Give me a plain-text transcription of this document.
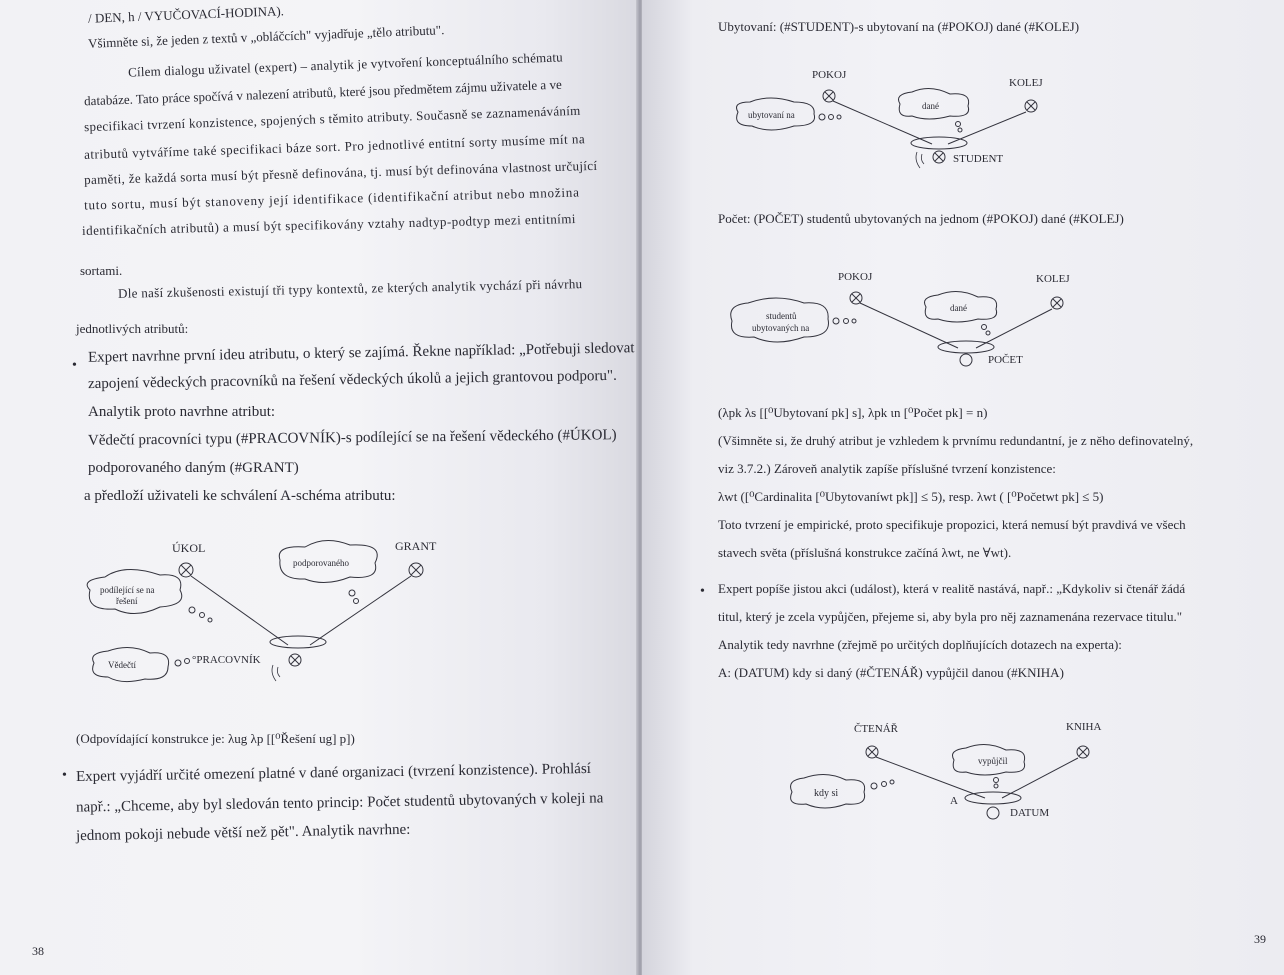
/ DEN, h / VYUČOVACÍ-HODINA).
Všimněte si, že jeden z textů v „obláčcích" vyjadřuje „tělo atributu".
Cílem dialogu uživatel (expert) – analytik je vytvoření konceptuálního schématu
databáze. Tato práce spočívá v nalezení atributů, které jsou předmětem zájmu uživatele a ve
specifikaci tvrzení konzistence, spojených s těmito atributy. Současně se zaznamenáváním
atributů vytváříme také specifikaci báze sort. Pro jednotlivé entitní sorty musíme mít na
paměti, že každá sorta musí být přesně definována, tj. musí být definována vlastnost určující
tuto sortu, musí být stanoveny její identifikace (identifikační atribut nebo množina
identifikačních atributů) a musí být specifikovány vztahy nadtyp-podtyp mezi entitními
sortami.
Dle naší zkušenosti existují tři typy kontextů, ze kterých analytik vychází při návrhu
jednotlivých atributů:
• Expert navrhne první ideu atributu, o který se zajímá. Řekne například: „Potřebuji sledovat
zapojení vědeckých pracovníků na řešení vědeckých úkolů a jejich grantovou podporu".
Analytik proto navrhne atribut:
Vědečtí pracovníci typu (#PRACOVNÍK)-s podílející se na řešení vědeckého (#ÚKOL)
podporovaného daným (#GRANT)
a předloží uživateli ke schválení A-schéma atributu:
ÚKOL	GRANT
podporovaného
podílející se na
řešení
Vědečtí	°PRACOVNÍK
(Odpovídající konstrukce je: λug λp [[⁰Řešení ug] p])
• Expert vyjádří určité omezení platné v dané organizaci (tvrzení konzistence). Prohlásí
např.: „Chceme, aby byl sledován tento princip: Počet studentů ubytovaných v koleji na
jednom pokoji nebude větší než pět". Analytik navrhne:
38
Ubytovaní: (#STUDENT)-s ubytovaní na (#POKOJ) dané (#KOLEJ)
POKOJ
KOLEJ
dané
ubytovaní na
STUDENT
Počet: (POČET) studentů ubytovaných na jednom (#POKOJ) dané (#KOLEJ)
POKOJ	KOLEJ
dané
studentů
ubytovaných na
POČET
(λpk λs [[⁰Ubytovaní pk] s], λpk ιn [⁰Počet pk] = n)
(Všimněte si, že druhý atribut je vzhledem k prvnímu redundantní, je z něho definovatelný,
viz 3.7.2.) Zároveň analytik zapíše příslušné tvrzení konzistence:
λwt ([⁰Cardinalita [⁰Ubytovaníwt pk]] ≤ 5), resp. λwt ( [⁰Početwt pk] ≤ 5)
Toto tvrzení je empirické, proto specifikuje propozici, která nemusí být pravdivá ve všech
stavech světa (příslušná konstrukce začíná λwt, ne ∀wt).
• Expert popíše jistou akci (událost), která v realitě nastává, např.: „Kdykoliv si čtenář žádá
titul, který je zcela vypůjčen, přejeme si, aby byla pro něj zaznamenána rezervace titulu."
Analytik tedy navrhne (zřejmě po určitých doplňujících dotazech na experta):
A: (DATUM) kdy si daný (#ČTENÁŘ) vypůjčil danou (#KNIHA)
ČTENÁŘ	KNIHA
vypůjčil
kdy si
A
DATUM
39
